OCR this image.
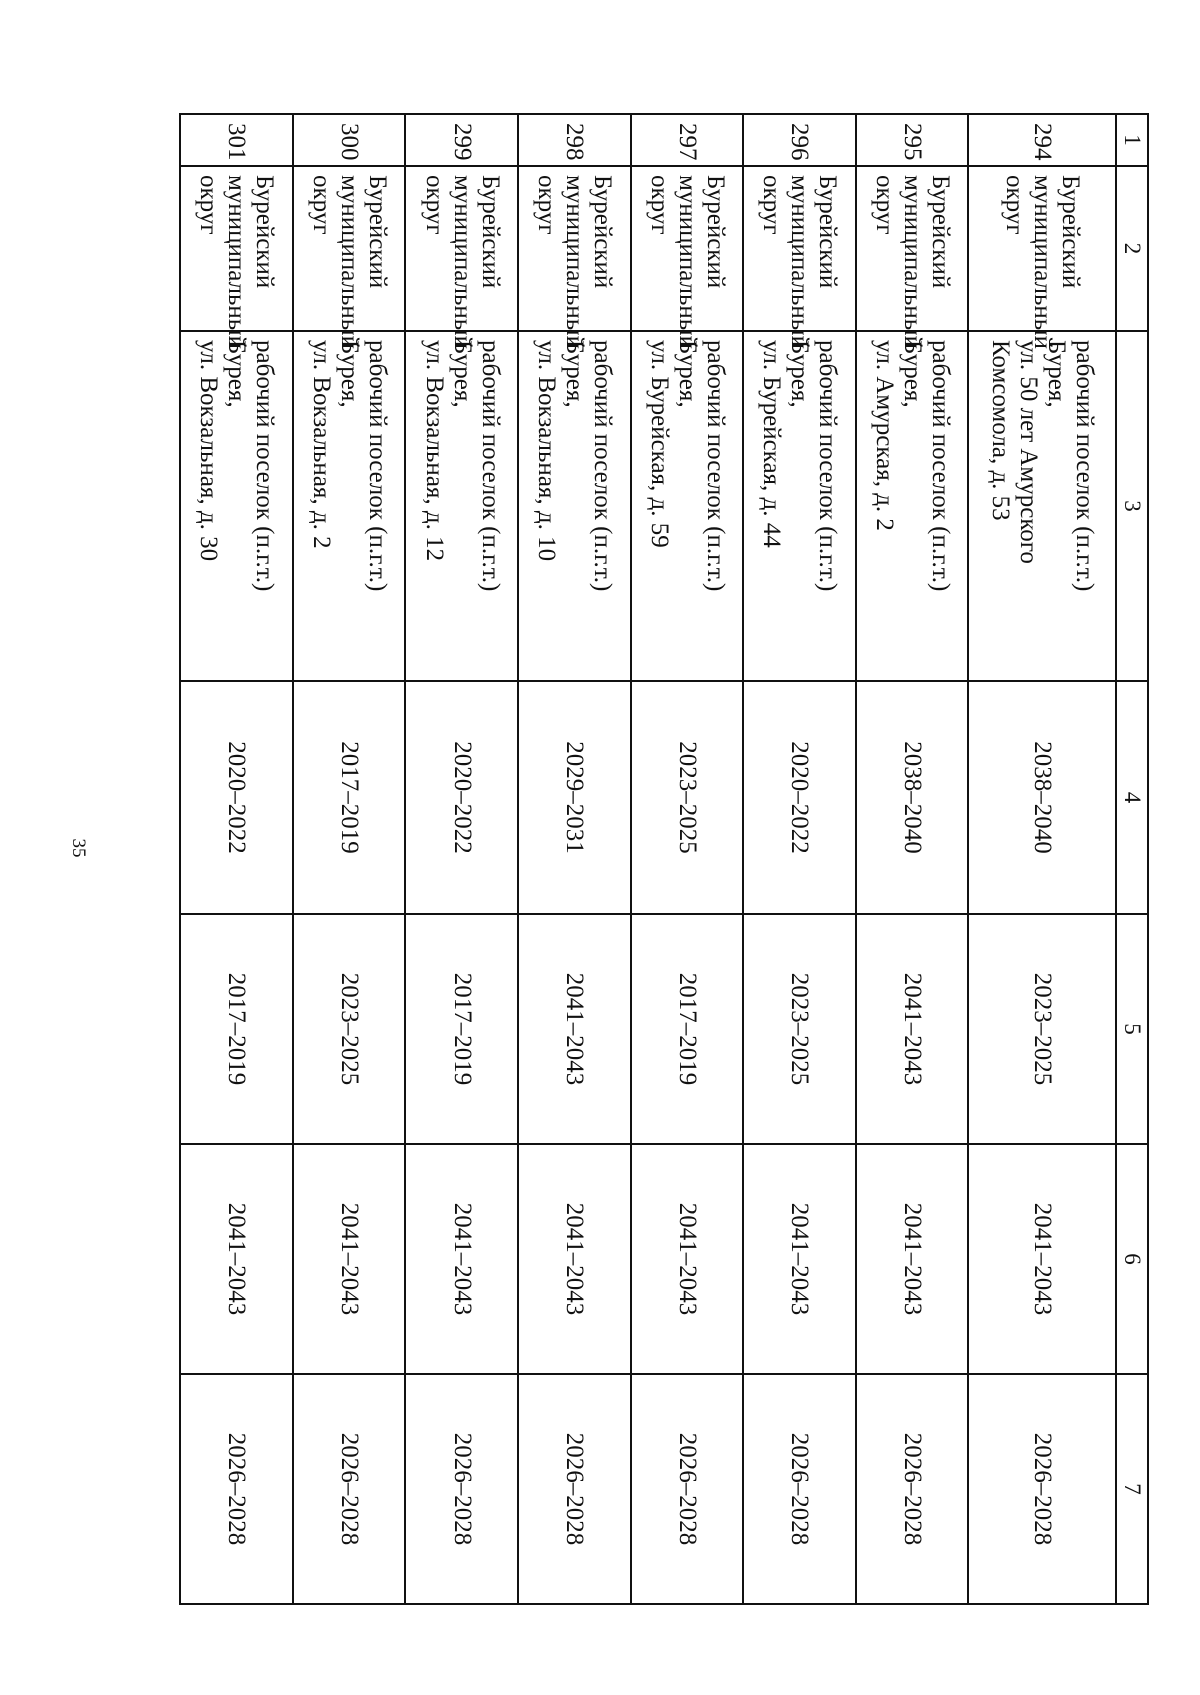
35
1	2	3	4	5	6	7
294	Бурейский
муниципальный
округ	рабочий поселок (п.г.т.)
Бурея,
ул. 50 лет Амурского
Комсомола, д. 53	2038–2040	2023–2025	2041–2043	2026–2028
295	Бурейский
муниципальный
округ	рабочий поселок (п.г.т.)
Бурея,
ул. Амурская, д. 2	2038–2040	2041–2043	2041–2043	2026–2028
296	Бурейский
муниципальный
округ	рабочий поселок (п.г.т.)
Бурея,
ул. Бурейская, д. 44	2020–2022	2023–2025	2041–2043	2026–2028
297	Бурейский
муниципальный
округ	рабочий поселок (п.г.т.)
Бурея,
ул. Бурейская, д. 59	2023–2025	2017–2019	2041–2043	2026–2028
298	Бурейский
муниципальный
округ	рабочий поселок (п.г.т.)
Бурея,
ул. Вокзальная, д. 10	2029–2031	2041–2043	2041–2043	2026–2028
299	Бурейский
муниципальный
округ	рабочий поселок (п.г.т.)
Бурея,
ул. Вокзальная, д. 12	2020–2022	2017–2019	2041–2043	2026–2028
300	Бурейский
муниципальный
округ	рабочий поселок (п.г.т.)
Бурея,
ул. Вокзальная, д. 2	2017–2019	2023–2025	2041–2043	2026–2028
301	Бурейский
муниципальный
округ	рабочий поселок (п.г.т.)
Бурея,
ул. Вокзальная, д. 30	2020–2022	2017–2019	2041–2043	2026–2028
